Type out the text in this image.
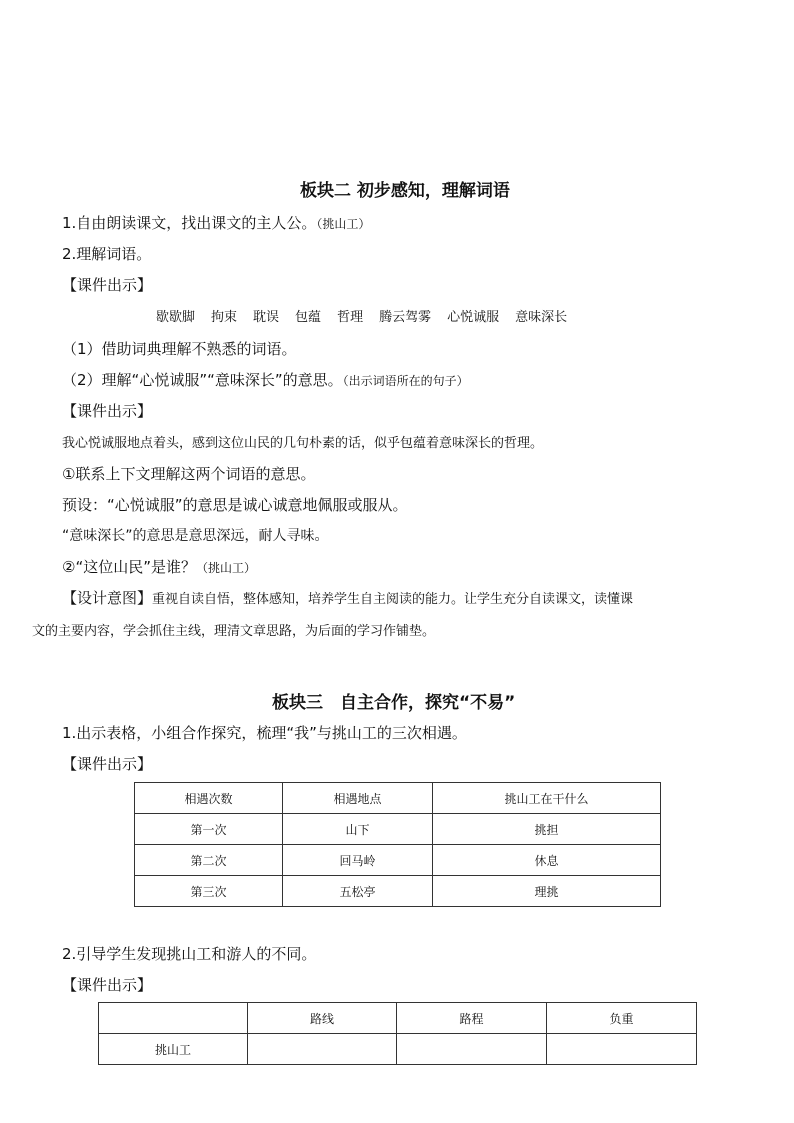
板块二 初步感知，理解词语
1.自由朗读课文，找出课文的主人公。（挑山工）
2.理解词语。
【课件出示】
歇歇脚 拘束 耽误 包蕴 哲理 腾云驾雾 心悦诚服 意味深长
（1）借助词典理解不熟悉的词语。
（2）理解“心悦诚服”“意味深长”的意思。（出示词语所在的句子）
【课件出示】
我心悦诚服地点着头，感到这位山民的几句朴素的话，似乎包蕴着意味深长的哲理。
①联系上下文理解这两个词语的意思。
预设：“心悦诚服”的意思是诚心诚意地佩服或服从。
“意味深长”的意思是意思深远，耐人寻味。
②“这位山民”是谁？（挑山工）
【设计意图】重视自读自悟，整体感知，培养学生自主阅读的能力。让学生充分自读课文，读懂课
文的主要内容，学会抓住主线，理清文章思路，为后面的学习作铺垫。
板块三　自主合作，探究“不易”
1.出示表格，小组合作探究，梳理“我”与挑山工的三次相遇。
【课件出示】
相遇次数	相遇地点	挑山工在干什么
第一次	山下	挑担
第二次	回马岭	休息
第三次	五松亭	理挑
2.引导学生发现挑山工和游人的不同。
【课件出示】
	路线	路程	负重
挑山工			
